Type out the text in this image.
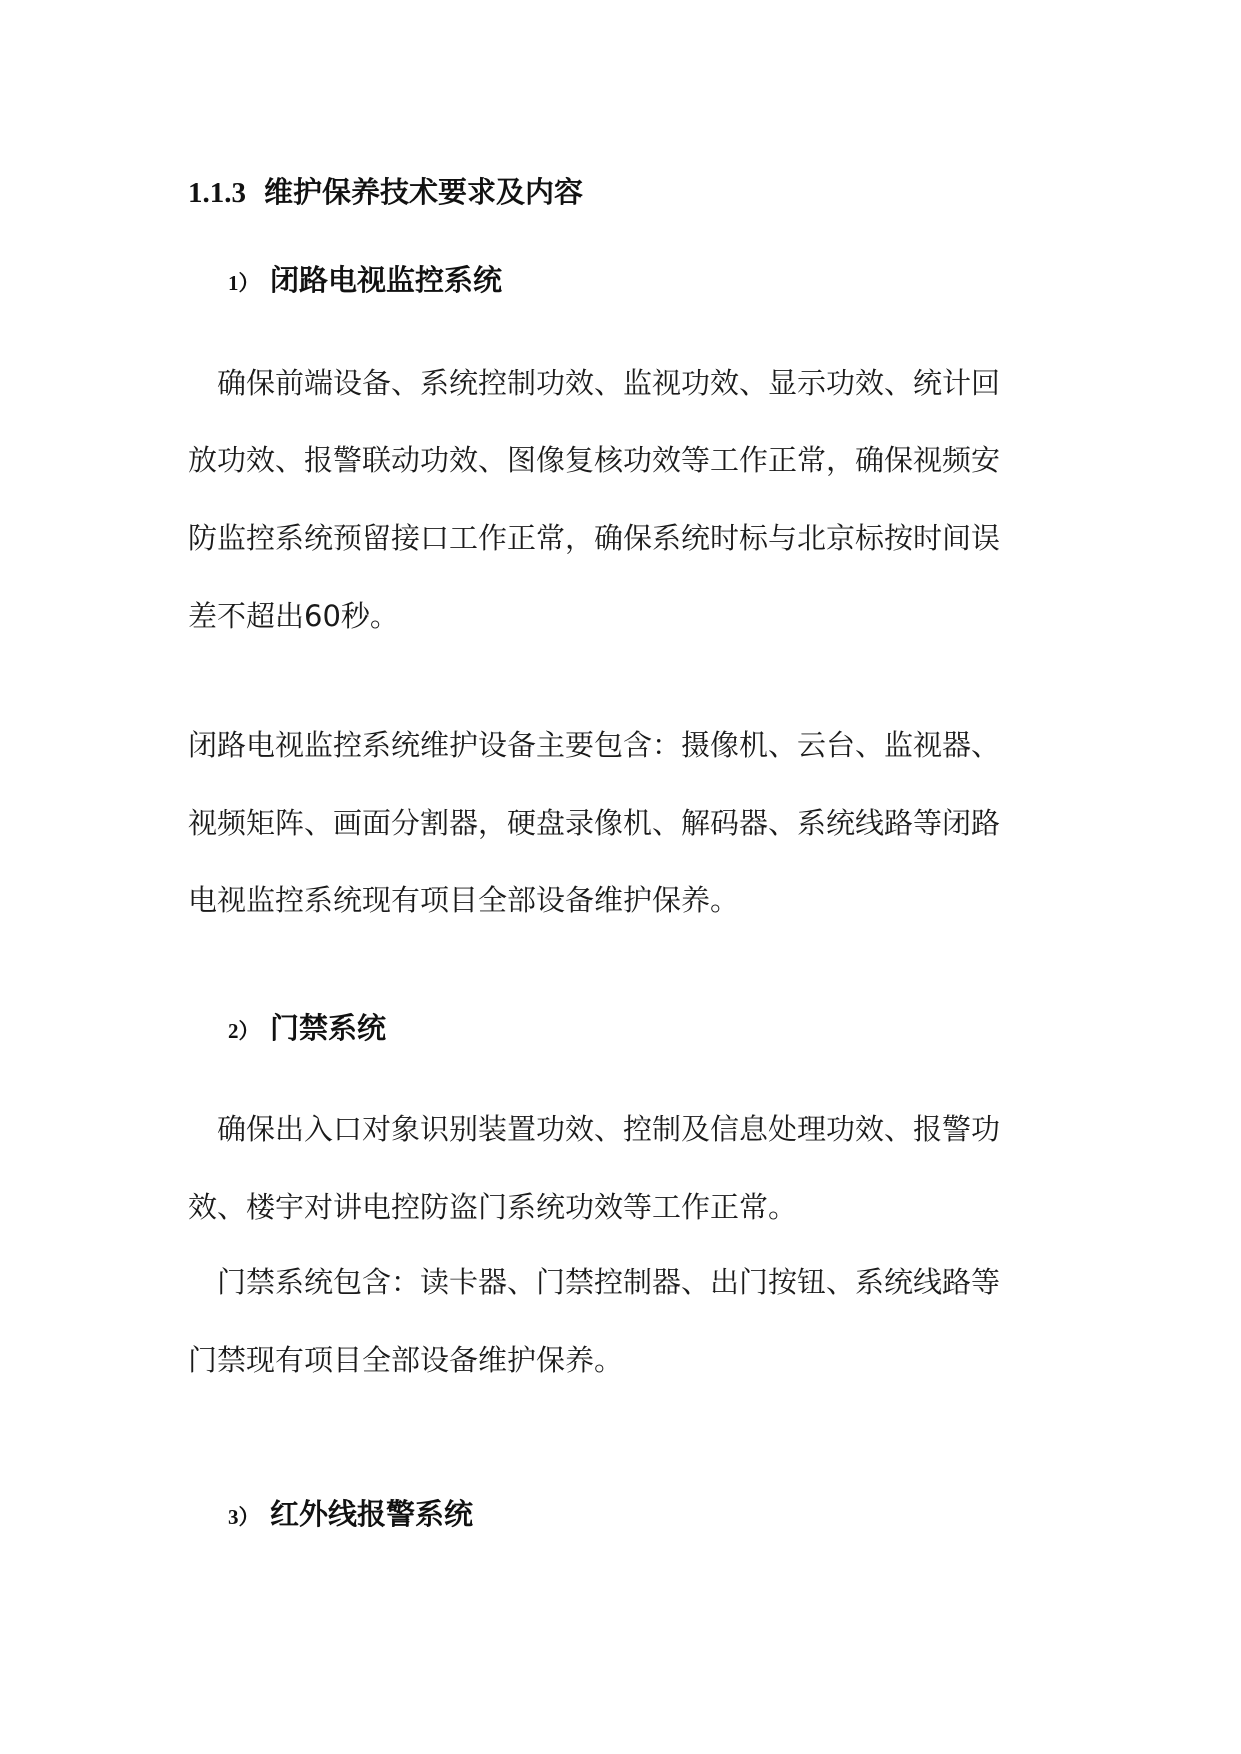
1.1.3 维护保养技术要求及内容
1） 闭路电视监控系统
　确保前端设备、系统控制功效、监视功效、显示功效、统计回
放功效、报警联动功效、图像复核功效等工作正常，确保视频安
防监控系统预留接口工作正常，确保系统时标与北京标按时间误
差不超出60秒。
闭路电视监控系统维护设备主要包含：摄像机、云台、监视器、
视频矩阵、画面分割器，硬盘录像机、解码器、系统线路等闭路
电视监控系统现有项目全部设备维护保养。
2） 门禁系统
　确保出入口对象识别装置功效、控制及信息处理功效、报警功
效、楼宇对讲电控防盗门系统功效等工作正常。
　门禁系统包含：读卡器、门禁控制器、出门按钮、系统线路等
门禁现有项目全部设备维护保养。
3） 红外线报警系统
